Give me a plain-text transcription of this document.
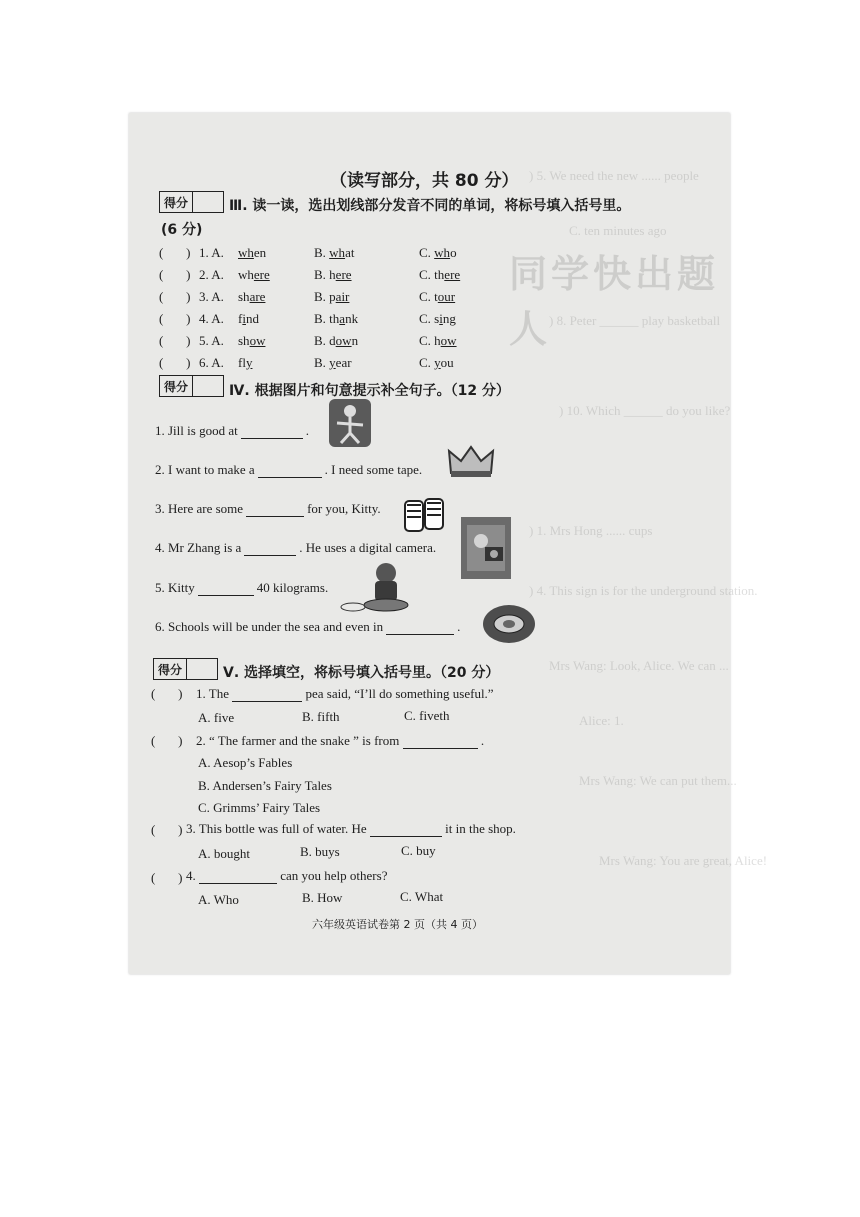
) 5. We need the new ...... people
C. ten minutes ago
) 8. Peter ______ play basketball
同学快出题人
) 10. Which ______ do you like?
) 1. Mrs Hong ...... cups
) 4. This sign is for the underground station.
Mrs Wang: Look, Alice. We can ...
Alice: 1.
Mrs Wang: We can put them...
Mrs Wang: You are great, Alice!
（读写部分，共 80 分）
得分	Ⅲ. 读一读，选出划线部分发音不同的单词，将标号填入括号里。
(6 分)
(       ) 1. A. when	B. what	C. who
(       ) 2. A. where	B. here	C. there
(       ) 3. A. share	B. pair	C. tour
(       ) 4. A. find	B. thank	C. sing
(       ) 5. A. show	B. down	C. how
(       ) 6. A. fly	B. year	C. you
得分	Ⅳ. 根据图片和句意提示补全句子。（12 分）
1. Jill is good at	.
2. I want to make a	. I need some tape.
3. Here are some	for you, Kitty.
4. Mr Zhang is a	. He uses a digital camera.
5. Kitty	40 kilograms.
6. Schools will be under the sea and even in	.
得分	Ⅴ. 选择填空，将标号填入括号里。（20 分）
(       ) 1. The	pea said, “I’ll do something useful.”
A. five	B. fifth	C. fiveth
(       ) 2. “ The farmer and the snake ” is from	.
A. Aesop’s Fables
B. Andersen’s Fairy Tales
C. Grimms’ Fairy Tales
(       ) 3. This bottle was full of water. He	it in the shop.
A. bought	B. buys	C. buy
(       ) 4.	can you help others?
A. Who	B. How	C. What
六年级英语试卷第 2 页（共 4 页）
